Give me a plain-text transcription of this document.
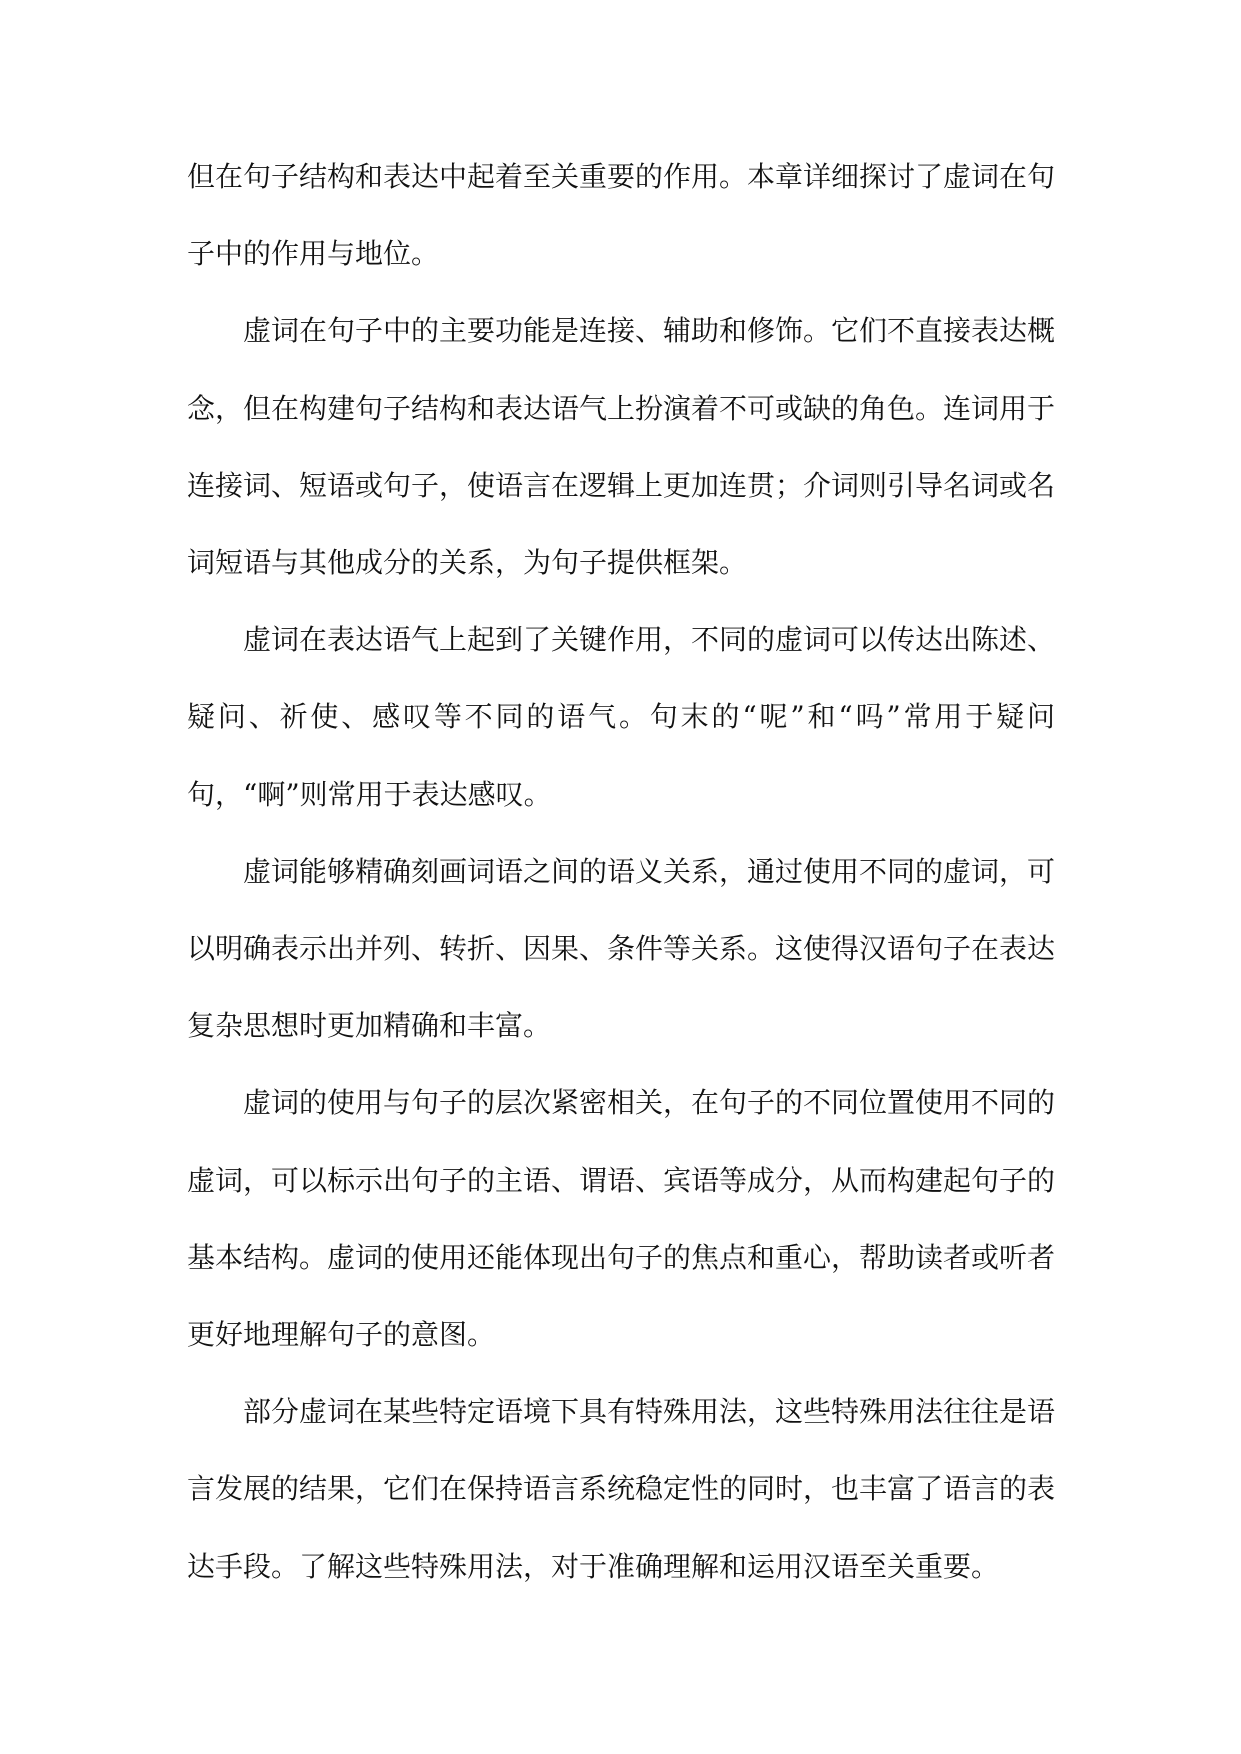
但在句子结构和表达中起着至关重要的作用。本章详细探讨了虚词在句子中的作用与地位。

虚词在句子中的主要功能是连接、辅助和修饰。它们不直接表达概念，但在构建句子结构和表达语气上扮演着不可或缺的角色。连词用于连接词、短语或句子，使语言在逻辑上更加连贯；介词则引导名词或名词短语与其他成分的关系，为句子提供框架。

虚词在表达语气上起到了关键作用，不同的虚词可以传达出陈述、疑问、祈使、感叹等不同的语气。句末的“呢”和“吗”常用于疑问句，“啊”则常用于表达感叹。

虚词能够精确刻画词语之间的语义关系，通过使用不同的虚词，可以明确表示出并列、转折、因果、条件等关系。这使得汉语句子在表达复杂思想时更加精确和丰富。

虚词的使用与句子的层次紧密相关，在句子的不同位置使用不同的虚词，可以标示出句子的主语、谓语、宾语等成分，从而构建起句子的基本结构。虚词的使用还能体现出句子的焦点和重心，帮助读者或听者更好地理解句子的意图。

部分虚词在某些特定语境下具有特殊用法，这些特殊用法往往是语言发展的结果，它们在保持语言系统稳定性的同时，也丰富了语言的表达手段。了解这些特殊用法，对于准确理解和运用汉语至关重要。
